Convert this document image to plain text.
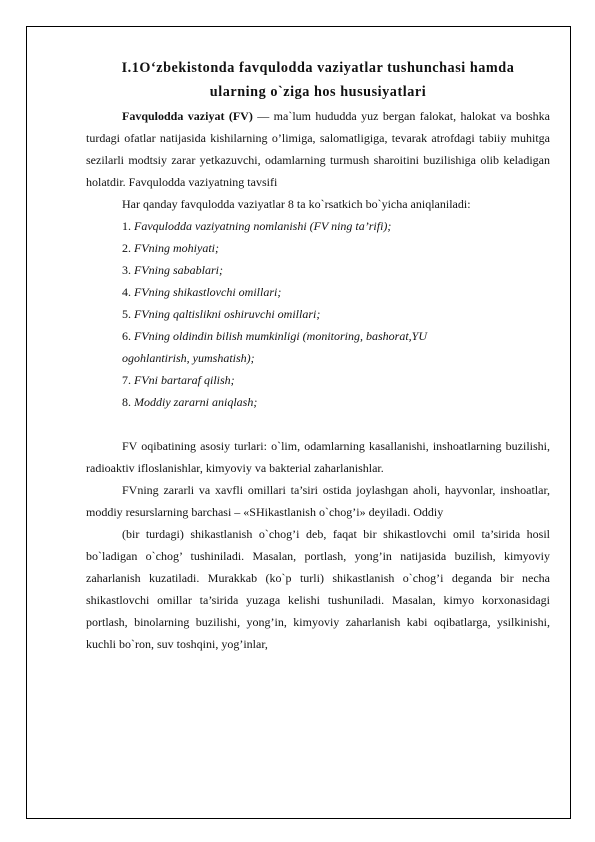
I.1O‘zbekistonda favqulodda vaziyatlar tushunchasi hamda
ularning o`ziga hos hususiyatlari

Favqulodda vaziyat (FV) — ma`lum hududda yuz bergan falokat, halokat va boshka turdagi ofatlar natijasida kishilarning o’limiga, salomatligiga, tevarak atrofdagi tabiiy muhitga sezilarli modtsiy zarar yetkazuvchi, odamlarning turmush sharoitini buzilishiga olib keladigan holatdir. Favqulodda vaziyatning tavsifi

Har qanday favqulodda vaziyatlar 8 ta ko`rsatkich bo`yicha aniqlaniladi:

1. Favqulodda vaziyatning nomlanishi (FV ning ta’rifi);

2. FVning mohiyati;

3. FVning sabablari;

4. FVning shikastlovchi omillari;

5. FVning qaltislikni oshiruvchi omillari;

6. FVning oldindin bilish mumkinligi (monitoring, bashorat,YU

ogohlantirish, yumshatish);

7. FVni bartaraf qilish;

8. Moddiy zararni aniqlash;

FV oqibatining asosiy turlari: o`lim, odamlarning kasallanishi, inshoatlarning buzilishi, radioaktiv ifloslanishlar, kimyoviy va bakterial zaharlanishlar.

FVning zararli va xavfli omillari ta’siri ostida joylashgan aholi, hayvonlar, inshoatlar, moddiy resurslarning barchasi – «SHikastlanish o`chog’i» deyiladi. Oddiy

(bir turdagi) shikastlanish o`chog’i deb, faqat bir shikastlovchi omil ta’sirida hosil bo`ladigan o`chog’ tushiniladi. Masalan, portlash, yong’in natijasida buzilish, kimyoviy zaharlanish kuzatiladi. Murakkab (ko`p turli) shikastlanish o`chog’i deganda bir necha shikastlovchi omillar ta’sirida yuzaga kelishi tushuniladi. Masalan, kimyo korxonasidagi portlash, binolarning buzilishi, yong’in, kimyoviy zaharlanish kabi oqibatlarga, ysilkinishi, kuchli bo`ron, suv toshqini, yog’inlar,
